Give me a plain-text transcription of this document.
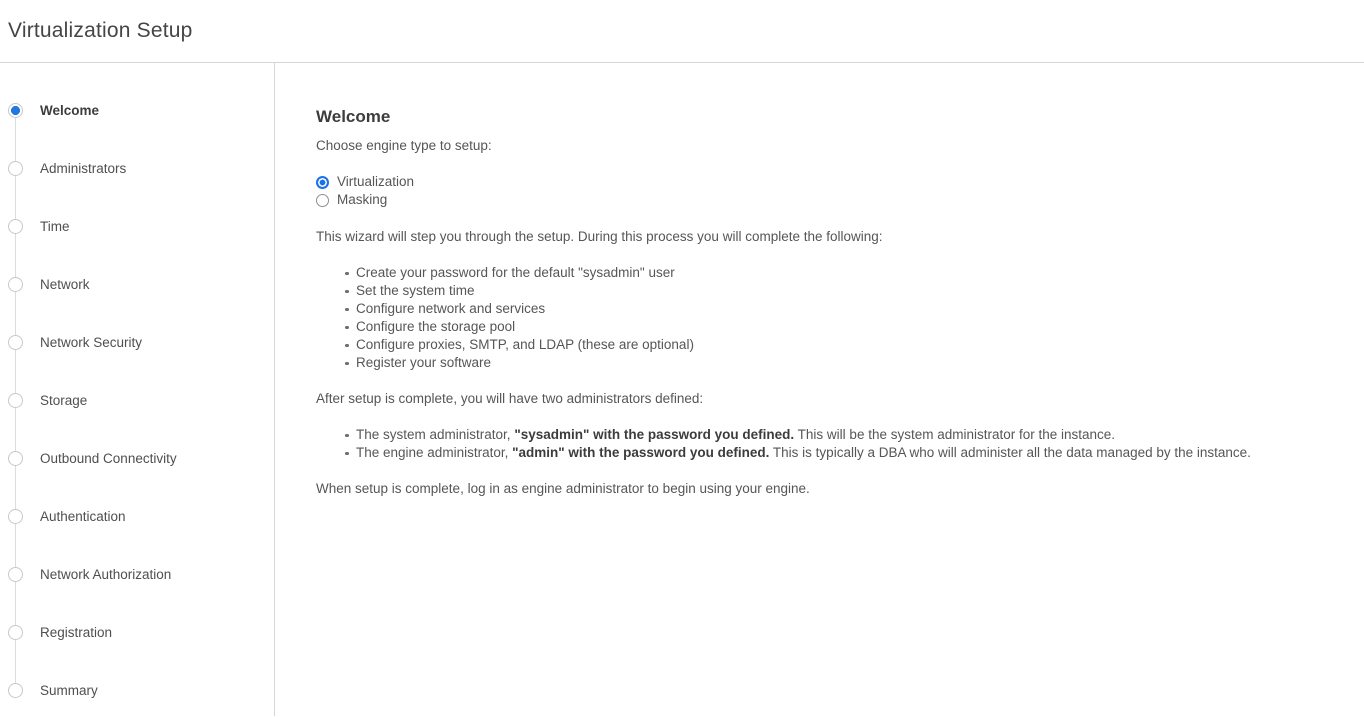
Virtualization Setup
Welcome
Administrators
Time
Network
Network Security
Storage
Outbound Connectivity
Authentication
Network Authorization
Registration
Summary
Welcome
Choose engine type to setup:
Virtualization
Masking
This wizard will step you through the setup. During this process you will complete the following:
Create your password for the default "sysadmin" user
Set the system time
Configure network and services
Configure the storage pool
Configure proxies, SMTP, and LDAP (these are optional)
Register your software
After setup is complete, you will have two administrators defined:
The system administrator, "sysadmin" with the password you defined. This will be the system administrator for the instance.
The engine administrator, "admin" with the password you defined. This is typically a DBA who will administer all the data managed by the instance.
When setup is complete, log in as engine administrator to begin using your engine.
